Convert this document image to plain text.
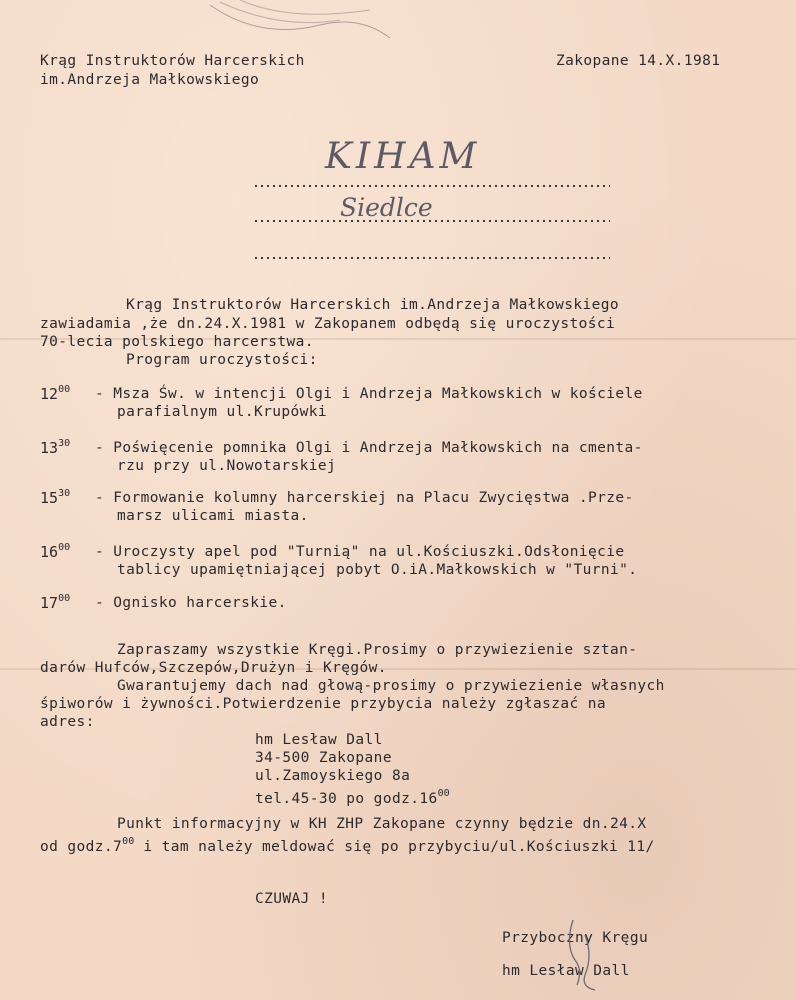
Krąg Instruktorów Harcerskich
im.Andrzeja Małkowskiego
Zakopane 14.X.1981
KIHAM
Siedlce
Krąg Instruktorów Harcerskich im.Andrzeja Małkowskiego
zawiadamia ,że dn.24.X.1981 w Zakopanem odbędą się uroczystości
70-lecia polskiego harcerstwa.
Program uroczystości:
$12^{00}$ - Msza Św. w intencji Olgi i Andrzeja Małkowskich w kościele
parafialnym ul.Krupówki
$13^{30}$ - Poświęcenie pomnika Olgi i Andrzeja Małkowskich na cmenta-
rzu przy ul.Nowotarskiej
$15^{30}$ - Formowanie kolumny harcerskiej na Placu Zwycięstwa .Prze-
marsz ulicami miasta.
$16^{00}$ - Uroczysty apel pod "Turnią" na ul.Kościuszki.Odsłonięcie
tablicy upamiętniającej pobyt O.iA.Małkowskich w "Turni".
$17^{00}$ - Ognisko harcerskie.
Zapraszamy wszystkie Kręgi.Prosimy o przywiezienie sztan-
darów Hufców,Szczepów,Drużyn i Kręgów.
Gwarantujemy dach nad głową-prosimy o przywiezienie własnych
śpiworów i żywności.Potwierdzenie przybycia należy zgłaszać na
adres:
hm Lesław Dall
34-500 Zakopane
ul.Zamoyskiego 8a
tel.45-30 po $godz.16^{00}$
Punkt informacyjny w KH ZHP Zakopane czynny będzie dn.24.X
od $godz.7^{00}$ i tam należy meldować się po przybyciu/ul.Kościuszki 11/
CZUWAJ !
Przyboczny Kręgu
hm Lesław Dall
